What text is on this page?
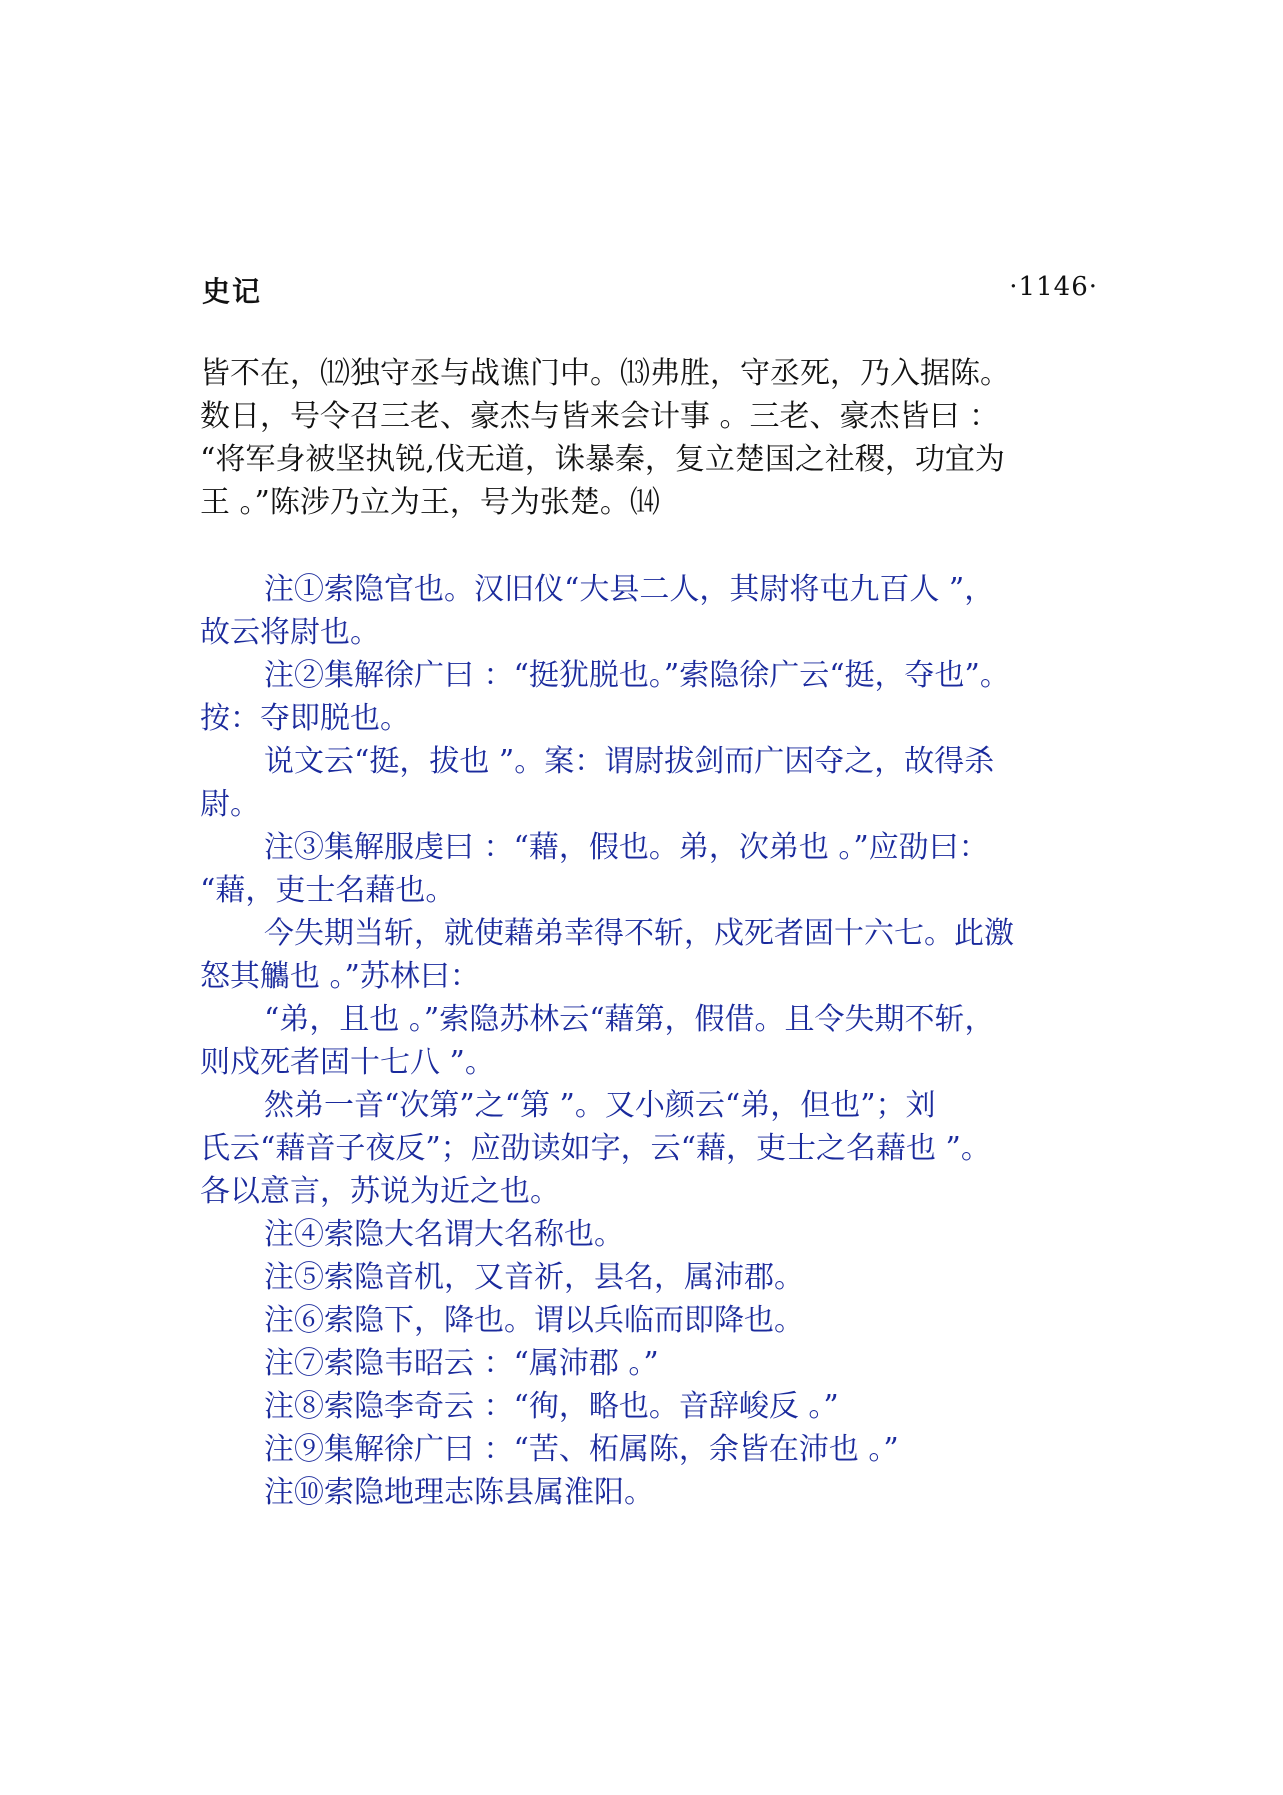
史记	·1146·
皆不在，⑿独守丞与战谯门中。⒀弗胜，守丞死，乃入据陈。
数日，号令召三老、豪杰与皆来会计事 。三老、豪杰皆曰 ：
“将军身被坚执锐,伐无道，诛暴秦，复立楚国之社稷，功宜为
王 。”陈涉乃立为王，号为张楚。⒁
注①索隐官也。汉旧仪“大县二人，其尉将屯九百人 ”，
故云将尉也。
注②集解徐广曰 ：“挺犹脱也。”索隐徐广云“挺，夺也”。
按：夺即脱也。
说文云“挺，拔也 ”。案：谓尉拔剑而广因夺之，故得杀
尉。
注③集解服虔曰 ：“藉，假也。弟，次弟也 。”应劭曰：
“藉，吏士名藉也。
今失期当斩，就使藉弟幸得不斩，戍死者固十六七。此激
怒其觿也 。”苏林曰：
“弟，且也 。”索隐苏林云“藉第，假借。且令失期不斩，
则戍死者固十七八 ”。
然弟一音“次第”之“第 ”。又小颜云“弟，但也”；刘
氏云“藉音子夜反”；应劭读如字，云“藉，吏士之名藉也 ”。
各以意言，苏说为近之也。
注④索隐大名谓大名称也。
注⑤索隐音机，又音祈，县名，属沛郡。
注⑥索隐下，降也。谓以兵临而即降也。
注⑦索隐韦昭云 ：“属沛郡 。”
注⑧索隐李奇云 ：“徇，略也。音辞峻反 。”
注⑨集解徐广曰 ：“苦、柘属陈，余皆在沛也 。”
注⑩索隐地理志陈县属淮阳。
